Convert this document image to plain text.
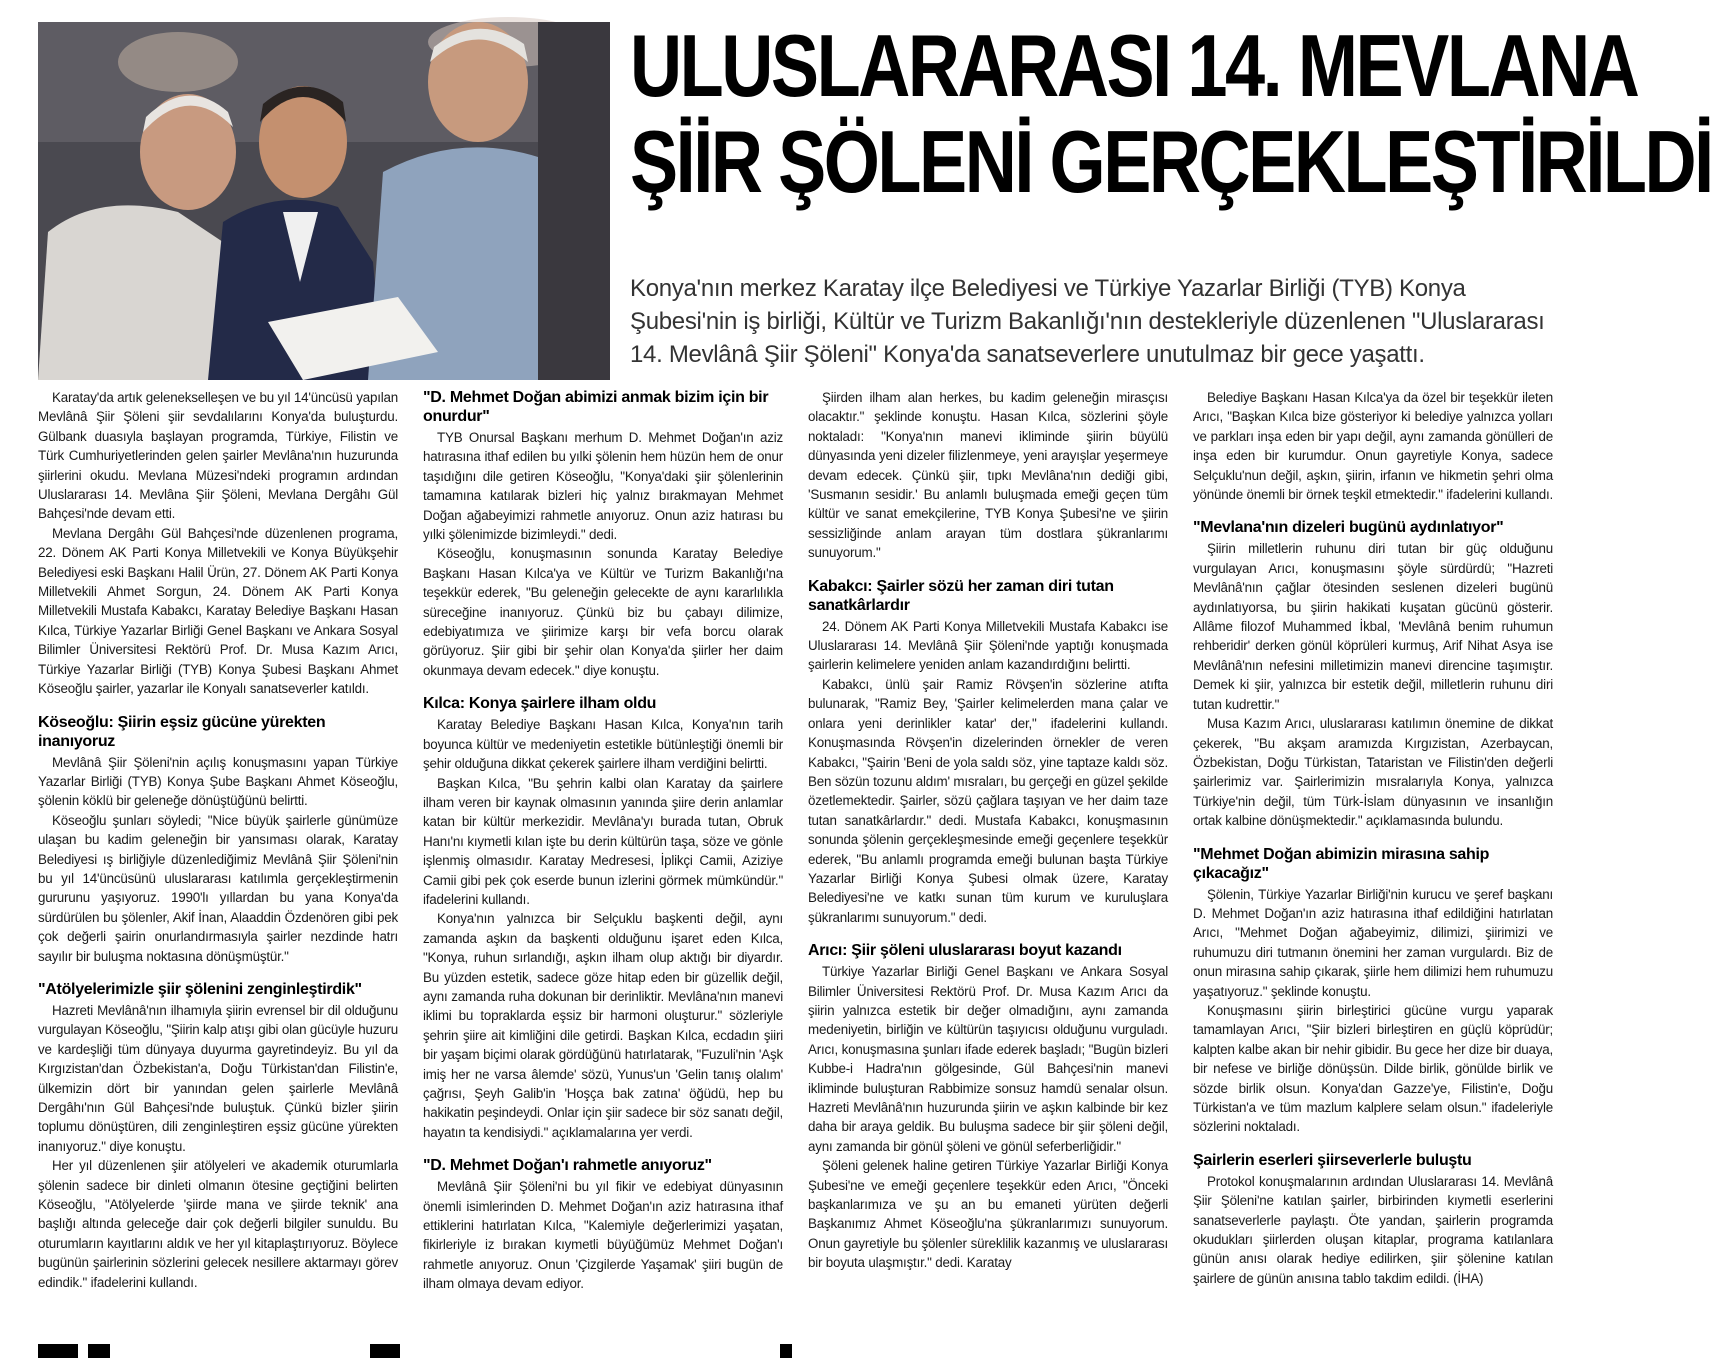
ULUSLARARASI 14. MEVLANA
ŞİİR ŞÖLENİ GERÇEKLEŞTİRİLDİ

Konya'nın merkez Karatay ilçe Belediyesi ve Türkiye Yazarlar Birliği (TYB) Konya Şubesi'nin iş birliği, Kültür ve Turizm Bakanlığı'nın destekleriyle düzenlenen "Uluslararası 14. Mevlânâ Şiir Şöleni" Konya'da sanatseverlere unutulmaz bir gece yaşattı.

Karatay'da artık gelenekselleşen ve bu yıl 14'üncüsü yapılan Mevlânâ Şiir Şöleni şiir sevdalılarını Konya'da buluşturdu. Gülbank duasıyla başlayan programda, Türkiye, Filistin ve Türk Cumhuriyetlerinden gelen şairler Mevlâna'nın huzurunda şiirlerini okudu. Mevlana Müzesi'ndeki programın ardından Uluslararası 14. Mevlâna Şiir Şöleni, Mevlana Dergâhı Gül Bahçesi'nde devam etti.

Mevlana Dergâhı Gül Bahçesi'nde düzenlenen programa, 22. Dönem AK Parti Konya Milletvekili ve Konya Büyükşehir Belediyesi eski Başkanı Halil Ürün, 27. Dönem AK Parti Konya Milletvekili Ahmet Sorgun, 24. Dönem AK Parti Konya Milletvekili Mustafa Kabakcı, Karatay Belediye Başkanı Hasan Kılca, Türkiye Yazarlar Birliği Genel Başkanı ve Ankara Sosyal Bilimler Üniversitesi Rektörü Prof. Dr. Musa Kazım Arıcı, Türkiye Yazarlar Birliği (TYB) Konya Şubesi Başkanı Ahmet Köseoğlu şairler, yazarlar ile Konyalı sanatseverler katıldı.

Köseoğlu: Şiirin eşsiz gücüne yürekten inanıyoruz

Mevlânâ Şiir Şöleni'nin açılış konuşmasını yapan Türkiye Yazarlar Birliği (TYB) Konya Şube Başkanı Ahmet Köseoğlu, şölenin köklü bir geleneğe dönüştüğünü belirtti.

Köseoğlu şunları söyledi; "Nice büyük şairlerle günümüze ulaşan bu kadim geleneğin bir yansıması olarak, Karatay Belediyesi ış birliğiyle düzenlediğimiz Mevlânâ Şiir Şöleni'nin bu yıl 14'üncüsünü uluslararası katılımla gerçekleştirmenin gururunu yaşıyoruz. 1990'lı yıllardan bu yana Konya'da sürdürülen bu şölenler, Akif İnan, Alaaddin Özdenören gibi pek çok değerli şairin onurlandırmasıyla şairler nezdinde hatrı sayılır bir buluşma noktasına dönüşmüştür."

"Atölyelerimizle şiir şölenini zenginleştirdik"

Hazreti Mevlânâ'nın ilhamıyla şiirin evrensel bir dil olduğunu vurgulayan Köseoğlu, "Şiirin kalp atışı gibi olan gücüyle huzuru ve kardeşliği tüm dünyaya duyurma gayretindeyiz. Bu yıl da Kırgızistan'dan Özbekistan'a, Doğu Türkistan'dan Filistin'e, ülkemizin dört bir yanından gelen şairlerle Mevlânâ Dergâhı'nın Gül Bahçesi'nde buluştuk. Çünkü bizler şiirin toplumu dönüştüren, dili zenginleştiren eşsiz gücüne yürekten inanıyoruz." diye konuştu.

Her yıl düzenlenen şiir atölyeleri ve akademik oturumlarla şölenin sadece bir dinleti olmanın ötesine geçtiğini belirten Köseoğlu, "Atölyelerde 'şiirde mana ve şiirde teknik' ana başlığı altında geleceğe dair çok değerli bilgiler sunuldu. Bu oturumların kayıtlarını aldık ve her yıl kitaplaştırıyoruz. Böylece bugünün şairlerinin sözlerini gelecek nesillere aktarmayı görev edindik." ifadelerini kullandı.

"D. Mehmet Doğan abimizi anmak bizim için bir onurdur"

TYB Onursal Başkanı merhum D. Mehmet Doğan'ın aziz hatırasına ithaf edilen bu yılki şölenin hem hüzün hem de onur taşıdığını dile getiren Köseoğlu, "Konya'daki şiir şölenlerinin tamamına katılarak bizleri hiç yalnız bırakmayan Mehmet Doğan ağabeyimizi rahmetle anıyoruz. Onun aziz hatırası bu yılki şölenimizde bizimleydi." dedi.

Köseoğlu, konuşmasının sonunda Karatay Belediye Başkanı Hasan Kılca'ya ve Kültür ve Turizm Bakanlığı'na teşekkür ederek, "Bu geleneğin gelecekte de aynı kararlılıkla süreceğine inanıyoruz. Çünkü biz bu çabayı dilimize, edebiyatımıza ve şiirimize karşı bir vefa borcu olarak görüyoruz. Şiir gibi bir şehir olan Konya'da şiirler her daim okunmaya devam edecek." diye konuştu.

Kılca: Konya şairlere ilham oldu

Karatay Belediye Başkanı Hasan Kılca, Konya'nın tarih boyunca kültür ve medeniyetin estetikle bütünleştiği önemli bir şehir olduğuna dikkat çekerek şairlere ilham verdiğini belirtti.

Başkan Kılca, "Bu şehrin kalbi olan Karatay da şairlere ilham veren bir kaynak olmasının yanında şiire derin anlamlar katan bir kültür merkezidir. Mevlâna'yı burada tutan, Obruk Hanı'nı kıymetli kılan işte bu derin kültürün taşa, söze ve gönle işlenmiş olmasıdır. Karatay Medresesi, İplikçi Camii, Aziziye Camii gibi pek çok eserde bunun izlerini görmek mümkündür." ifadelerini kullandı.

Konya'nın yalnızca bir Selçuklu başkenti değil, aynı zamanda aşkın da başkenti olduğunu işaret eden Kılca, "Konya, ruhun sırlandığı, aşkın ilham olup aktığı bir diyardır. Bu yüzden estetik, sadece göze hitap eden bir güzellik değil, aynı zamanda ruha dokunan bir derinliktir. Mevlâna'nın manevi iklimi bu topraklarda eşsiz bir harmoni oluşturur." sözleriyle şehrin şiire ait kimliğini dile getirdi. Başkan Kılca, ecdadın şiiri bir yaşam biçimi olarak gördüğünü hatırlatarak, "Fuzuli'nin 'Aşk imiş her ne varsa âlemde' sözü, Yunus'un 'Gelin tanış olalım' çağrısı, Şeyh Galib'in 'Hoşça bak zatına' öğüdü, hep bu hakikatin peşindeydi. Onlar için şiir sadece bir söz sanatı değil, hayatın ta kendisiydi." açıklamalarına yer verdi.

"D. Mehmet Doğan'ı rahmetle anıyoruz"

Mevlânâ Şiir Şöleni'ni bu yıl fikir ve edebiyat dünyasının önemli isimlerinden D. Mehmet Doğan'ın aziz hatırasına ithaf ettiklerini hatırlatan Kılca, "Kalemiyle değerlerimizi yaşatan, fikirleriyle iz bırakan kıymetli büyüğümüz Mehmet Doğan'ı rahmetle anıyoruz. Onun 'Çizgilerde Yaşamak' şiiri bugün de ilham olmaya devam ediyor.

Şiirden ilham alan herkes, bu kadim geleneğin mirasçısı olacaktır." şeklinde konuştu. Hasan Kılca, sözlerini şöyle noktaladı: "Konya'nın manevi ikliminde şiirin büyülü dünyasında yeni dizeler filizlenmeye, yeni arayışlar yeşermeye devam edecek. Çünkü şiir, tıpkı Mevlâna'nın dediği gibi, 'Susmanın sesidir.' Bu anlamlı buluşmada emeği geçen tüm kültür ve sanat emekçilerine, TYB Konya Şubesi'ne ve şiirin sessizliğinde anlam arayan tüm dostlara şükranlarımı sunuyorum."

Kabakcı: Şairler sözü her zaman diri tutan sanatkârlardır

24. Dönem AK Parti Konya Milletvekili Mustafa Kabakcı ise Uluslararası 14. Mevlânâ Şiir Şöleni'nde yaptığı konuşmada şairlerin kelimelere yeniden anlam kazandırdığını belirtti.

Kabakcı, ünlü şair Ramiz Rövşen'in sözlerine atıfta bulunarak, "Ramiz Bey, 'Şairler kelimelerden mana çalar ve onlara yeni derinlikler katar' der," ifadelerini kullandı. Konuşmasında Rövşen'in dizelerinden örnekler de veren Kabakcı, "Şairin 'Beni de yola saldı söz, yine taptaze kaldı söz. Ben sözün tozunu aldım' mısraları, bu gerçeği en güzel şekilde özetlemektedir. Şairler, sözü çağlara taşıyan ve her daim taze tutan sanatkârlardır." dedi. Mustafa Kabakcı, konuşmasının sonunda şölenin gerçekleşmesinde emeği geçenlere teşekkür ederek, "Bu anlamlı programda emeği bulunan başta Türkiye Yazarlar Birliği Konya Şubesi olmak üzere, Karatay Belediyesi'ne ve katkı sunan tüm kurum ve kuruluşlara şükranlarımı sunuyorum." dedi.

Arıcı: Şiir şöleni uluslararası boyut kazandı

Türkiye Yazarlar Birliği Genel Başkanı ve Ankara Sosyal Bilimler Üniversitesi Rektörü Prof. Dr. Musa Kazım Arıcı da şiirin yalnızca estetik bir değer olmadığını, aynı zamanda medeniyetin, birliğin ve kültürün taşıyıcısı olduğunu vurguladı. Arıcı, konuşmasına şunları ifade ederek başladı; "Bugün bizleri Kubbe-i Hadra'nın gölgesinde, Gül Bahçesi'nin manevi ikliminde buluşturan Rabbimize sonsuz hamdü senalar olsun. Hazreti Mevlânâ'nın huzurunda şiirin ve aşkın kalbinde bir kez daha bir araya geldik. Bu buluşma sadece bir şiir şöleni değil, aynı zamanda bir gönül şöleni ve gönül seferberliğidir."

Şöleni gelenek haline getiren Türkiye Yazarlar Birliği Konya Şubesi'ne ve emeği geçenlere teşekkür eden Arıcı, "Önceki başkanlarımıza ve şu an bu emaneti yürüten değerli Başkanımız Ahmet Köseoğlu'na şükranlarımızı sunuyorum. Onun gayretiyle bu şölenler süreklilik kazanmış ve uluslararası bir boyuta ulaşmıştır." dedi. Karatay

Belediye Başkanı Hasan Kılca'ya da özel bir teşekkür ileten Arıcı, "Başkan Kılca bize gösteriyor ki belediye yalnızca yolları ve parkları inşa eden bir yapı değil, aynı zamanda gönülleri de inşa eden bir kurumdur. Onun gayretiyle Konya, sadece Selçuklu'nun değil, aşkın, şiirin, irfanın ve hikmetin şehri olma yönünde önemli bir örnek teşkil etmektedir." ifadelerini kullandı.

"Mevlana'nın dizeleri bugünü aydınlatıyor"

Şiirin milletlerin ruhunu diri tutan bir güç olduğunu vurgulayan Arıcı, konuşmasını şöyle sürdürdü; "Hazreti Mevlânâ'nın çağlar ötesinden seslenen dizeleri bugünü aydınlatıyorsa, bu şiirin hakikati kuşatan gücünü gösterir. Allâme filozof Muhammed İkbal, 'Mevlânâ benim ruhumun rehberidir' derken gönül köprüleri kurmuş, Arif Nihat Asya ise Mevlânâ'nın nefesini milletimizin manevi direncine taşımıştır. Demek ki şiir, yalnızca bir estetik değil, milletlerin ruhunu diri tutan kudrettir."

Musa Kazım Arıcı, uluslararası katılımın önemine de dikkat çekerek, "Bu akşam aramızda Kırgızistan, Azerbaycan, Özbekistan, Doğu Türkistan, Tataristan ve Filistin'den değerli şairlerimiz var. Şairlerimizin mısralarıyla Konya, yalnızca Türkiye'nin değil, tüm Türk-İslam dünyasının ve insanlığın ortak kalbine dönüşmektedir." açıklamasında bulundu.

"Mehmet Doğan abimizin mirasına sahip çıkacağız"

Şölenin, Türkiye Yazarlar Birliği'nin kurucu ve şeref başkanı D. Mehmet Doğan'ın aziz hatırasına ithaf edildiğini hatırlatan Arıcı, "Mehmet Doğan ağabeyimiz, dilimizi, şiirimizi ve ruhumuzu diri tutmanın önemini her zaman vurgulardı. Biz de onun mirasına sahip çıkarak, şiirle hem dilimizi hem ruhumuzu yaşatıyoruz." şeklinde konuştu.

Konuşmasını şiirin birleştirici gücüne vurgu yaparak tamamlayan Arıcı, "Şiir bizleri birleştiren en güçlü köprüdür; kalpten kalbe akan bir nehir gibidir. Bu gece her dize bir duaya, bir nefese ve birliğe dönüşsün. Dilde birlik, gönülde birlik ve sözde birlik olsun. Konya'dan Gazze'ye, Filistin'e, Doğu Türkistan'a ve tüm mazlum kalplere selam olsun." ifadeleriyle sözlerini noktaladı.

Şairlerin eserleri şiirseverlerle buluştu

Protokol konuşmalarının ardından Uluslararası 14. Mevlânâ Şiir Şöleni'ne katılan şairler, birbirinden kıymetli eserlerini sanatseverlerle paylaştı. Öte yandan, şairlerin programda okudukları şiirlerden oluşan kitaplar, programa katılanlara günün anısı olarak hediye edilirken, şiir şölenine katılan şairlere de günün anısına tablo takdim edildi. (İHA)
